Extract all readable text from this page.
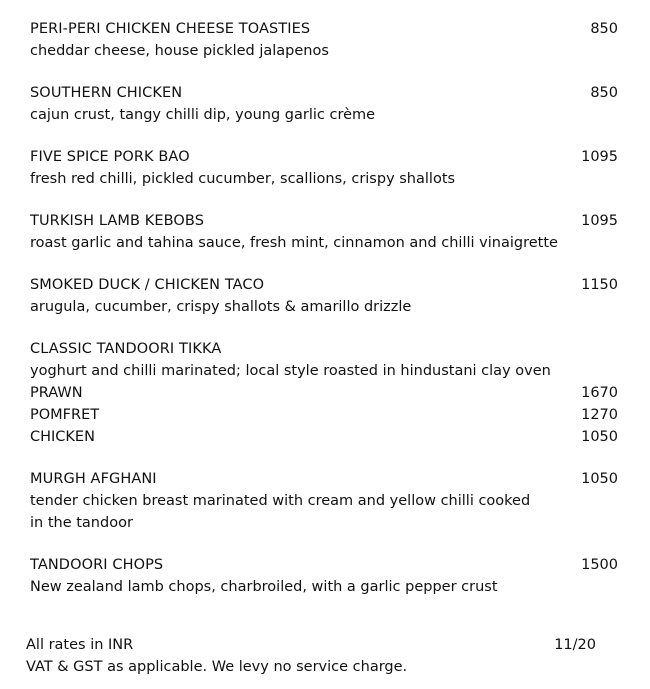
PERI-PERI CHICKEN CHEESE TOASTIES	850
cheddar cheese, house pickled jalapenos
SOUTHERN CHICKEN	850
cajun crust, tangy chilli dip, young garlic crème
FIVE SPICE PORK BAO	1095
fresh red chilli, pickled cucumber, scallions, crispy shallots
TURKISH LAMB KEBOBS	1095
roast garlic and tahina sauce, fresh mint, cinnamon and chilli vinaigrette
SMOKED DUCK / CHICKEN TACO	1150
arugula, cucumber, crispy shallots & amarillo drizzle
CLASSIC TANDOORI TIKKA
yoghurt and chilli marinated; local style roasted in hindustani clay oven
PRAWN	1670
POMFRET	1270
CHICKEN	1050
MURGH AFGHANI	1050
tender chicken breast marinated with cream and yellow chilli cooked
in the tandoor
TANDOORI CHOPS	1500
New zealand lamb chops, charbroiled, with a garlic pepper crust
All rates in INR	11/20
VAT & GST as applicable. We levy no service charge.
